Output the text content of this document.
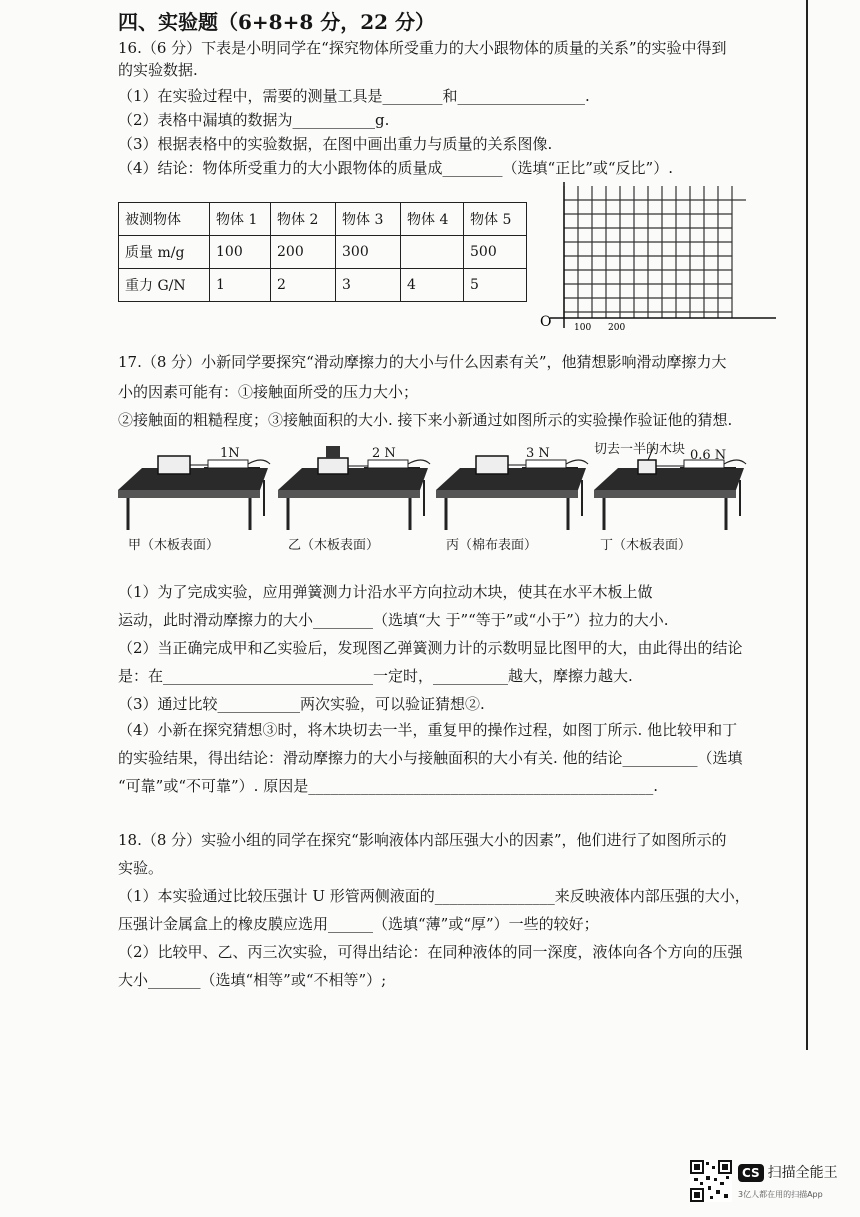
四、实验题（6+8+8 分，22 分）
16.（6 分）下表是小明同学在“探究物体所受重力的大小跟物体的质量的关系”的实验中得到
的实验数据.
（1）在实验过程中，需要的测量工具是________和_________________.
（2）表格中漏填的数据为___________g.
（3）根据表格中的实验数据，在图中画出重力与质量的关系图像.
（4）结论：物体所受重力的大小跟物体的质量成________（选填“正比”或“反比”）.
被测物体	物体 1	物体 2	物体 3	物体 4	物体 5
质量 m/g	100	200	300		500
重力 G/N	1	2	3	4	5
O	100 200
17.（8 分）小新同学要探究“滑动摩擦力的大小与什么因素有关”，他猜想影响滑动摩擦力大
小的因素可能有：①接触面所受的压力大小；
②接触面的粗糙程度；③接触面积的大小. 接下来小新通过如图所示的实验操作验证他的猜想.
1N	2 N	3 N	切去一半的木块 0.6 N
甲（木板表面）	乙（木板表面）	丙（棉布表面）	丁（木板表面）
（1）为了完成实验，应用弹簧测力计沿水平方向拉动木块，使其在水平木板上做
运动，此时滑动摩擦力的大小________（选填“大 于”“等于”或“小于”）拉力的大小.
（2）当正确完成甲和乙实验后，发现图乙弹簧测力计的示数明显比图甲的大，由此得出的结论
是：在____________________________一定时，__________越大，摩擦力越大.
（3）通过比较___________两次实验，可以验证猜想②.
（4）小新在探究猜想③时，将木块切去一半，重复甲的操作过程，如图丁所示. 他比较甲和丁
的实验结果，得出结论：滑动摩擦力的大小与接触面积的大小有关. 他的结论__________（选填
“可靠”或“不可靠”）. 原因是______________________________________________.
18.（8 分）实验小组的同学在探究“影响液体内部压强大小的因素”，他们进行了如图所示的
实验。
（1）本实验通过比较压强计 U 形管两侧液面的________________来反映液体内部压强的大小，
压强计金属盒上的橡皮膜应选用______（选填“薄”或“厚”）一些的较好；
（2）比较甲、乙、丙三次实验，可得出结论：在同种液体的同一深度，液体向各个方向的压强
大小_______（选填“相等”或“不相等”）;
CS 扫描全能王
3亿人都在用的扫描App
